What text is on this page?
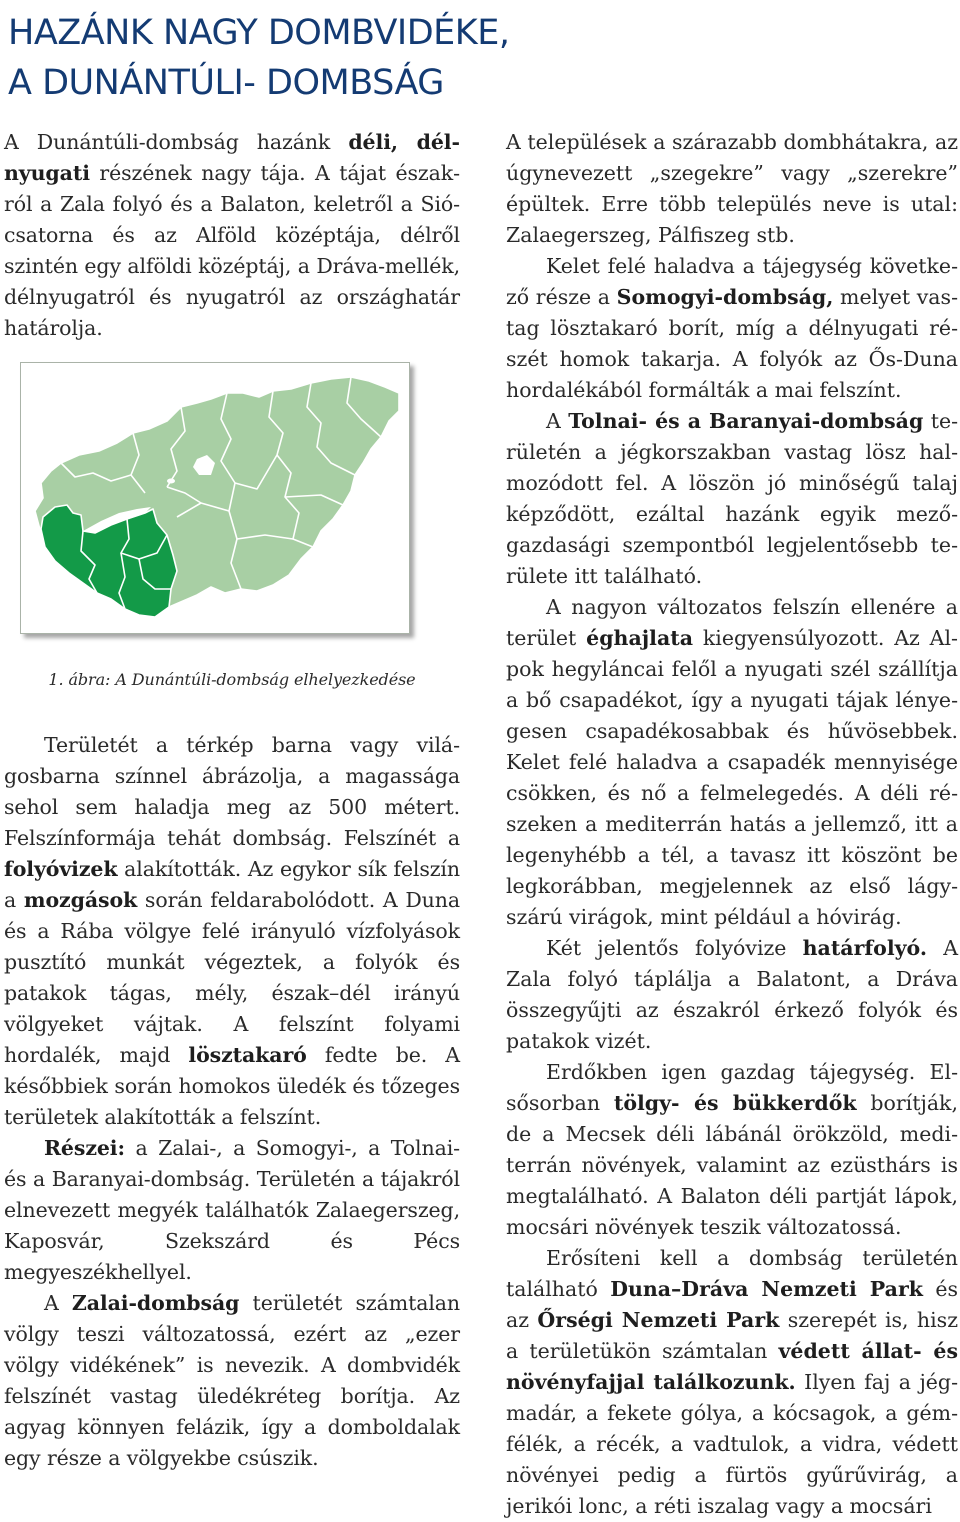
HAZÁNK NAGY DOMBVIDÉKE,
A DUNÁNTÚLI- DOMBSÁG

A Dunántúli-dombság hazánk déli, délnyugati részének nagy tája. A tájat északról a Zala folyó és a Balaton, keletről a Sió-csatorna és az Alföld középtája, délről szintén egy alföldi középtáj, a Dráva-mellék, délnyugatról és nyugatról az országhatár határolja.

1. ábra: A Dunántúli-dombság elhelyezkedése

Területét a térkép barna vagy világosbarna színnel ábrázolja, a magassága sehol sem haladja meg az 500 métert. Felszínformája tehát dombság. Felszínét a folyóvizek alakították. Az egykor sík felszín a mozgások során feldarabolódott. A Duna és a Rába völgye felé irányuló vízfolyások pusztító munkát végeztek, a folyók és patakok tágas, mély, észak–dél irányú völgyeket vájtak. A felszínt folyami hordalék, majd lösztakaró fedte be. A későbbiek során homokos üledék és tőzeges területek alakították a felszínt.

Részei: a Zalai-, a Somogyi-, a Tolnai- és a Baranyai-dombság. Területén a tájakról elnevezett megyék találhatók Zalaegerszeg, Kaposvár, Szekszárd és Pécs megyeszékhellyel.

A Zalai-dombság területét számtalan völgy teszi változatossá, ezért az „ezer völgy vidékének” is nevezik. A dombvidék felszínét vastag üledékréteg borítja. Az agyag könnyen felázik, így a domboldalak egy része a völgyekbe csúszik.

A települések a szárazabb dombhátakra, az úgynevezett „szegekre” vagy „szerekre” épültek. Erre több település neve is utal: Zalaegerszeg, Pálfiszeg stb.

Kelet felé haladva a tájegység következő része a Somogyi-dombság, melyet vastag lösztakaró borít, míg a délnyugati részét homok takarja. A folyók az Ős-Duna hordalékából formálták a mai felszínt.

A Tolnai- és a Baranyai-dombság területén a jégkorszakban vastag lösz halmozódott fel. A löszön jó minőségű talaj képződött, ezáltal hazánk egyik mezőgazdasági szempontból legjelentősebb területe itt található.

A nagyon változatos felszín ellenére a terület éghajlata kiegyensúlyozott. Az Alpok hegyláncai felől a nyugati szél szállítja a bő csapadékot, így a nyugati tájak lényegesen csapadékosabbak és hűvösebbek. Kelet felé haladva a csapadék mennyisége csökken, és nő a felmelegedés. A déli részeken a mediterrán hatás a jellemző, itt a legenyhébb a tél, a tavasz itt köszönt be legkorábban, megjelennek az első lágyszárú virágok, mint például a hóvirág.

Két jelentős folyóvize határfolyó. A Zala folyó táplálja a Balatont, a Dráva összegyűjti az északról érkező folyók és patakok vizét.

Erdőkben igen gazdag tájegység. Elsősorban tölgy- és bükkerdők borítják, de a Mecsek déli lábánál örökzöld, mediterrán növények, valamint az ezüsthárs is megtalálható. A Balaton déli partját lápok, mocsári növények teszik változatossá.

Erősíteni kell a dombság területén található Duna–Dráva Nemzeti Park és az Őrségi Nemzeti Park szerepét is, hisz a területükön számtalan védett állat- és növényfajjal találkozunk. Ilyen faj a jégmadár, a fekete gólya, a kócsagok, a gémfélék, a récék, a vadtulok, a vidra, védett növényei pedig a fürtös gyűrűvirág, a jerikói lonc, a réti iszalag vagy a mocsári
